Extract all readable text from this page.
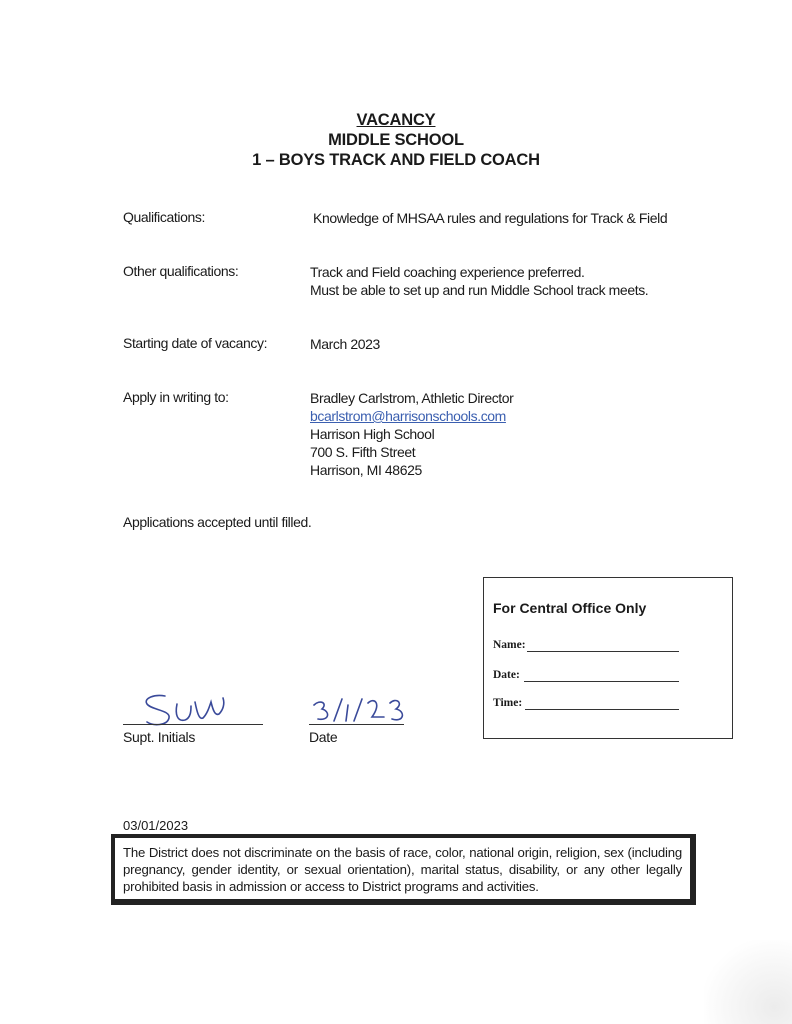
VACANCY
MIDDLE SCHOOL
1 – BOYS TRACK AND FIELD COACH
Qualifications:	Knowledge of MHSAA rules and regulations for Track & Field
Other qualifications:	Track and Field coaching experience preferred.
Must be able to set up and run Middle School track meets.
Starting date of vacancy:	March 2023
Apply in writing to:	Bradley Carlstrom, Athletic Director
bcarlstrom@harrisonschools.com
Harrison High School
700 S. Fifth Street
Harrison, MI 48625
Applications accepted until filled.
For Central Office Only
Name:
Date:
Time:
Supt. Initials
3/1/23
Date
03/01/2023
The District does not discriminate on the basis of race, color, national origin, religion, sex (including pregnancy, gender identity, or sexual orientation), marital status, disability, or any other legally prohibited basis in admission or access to District programs and activities.
